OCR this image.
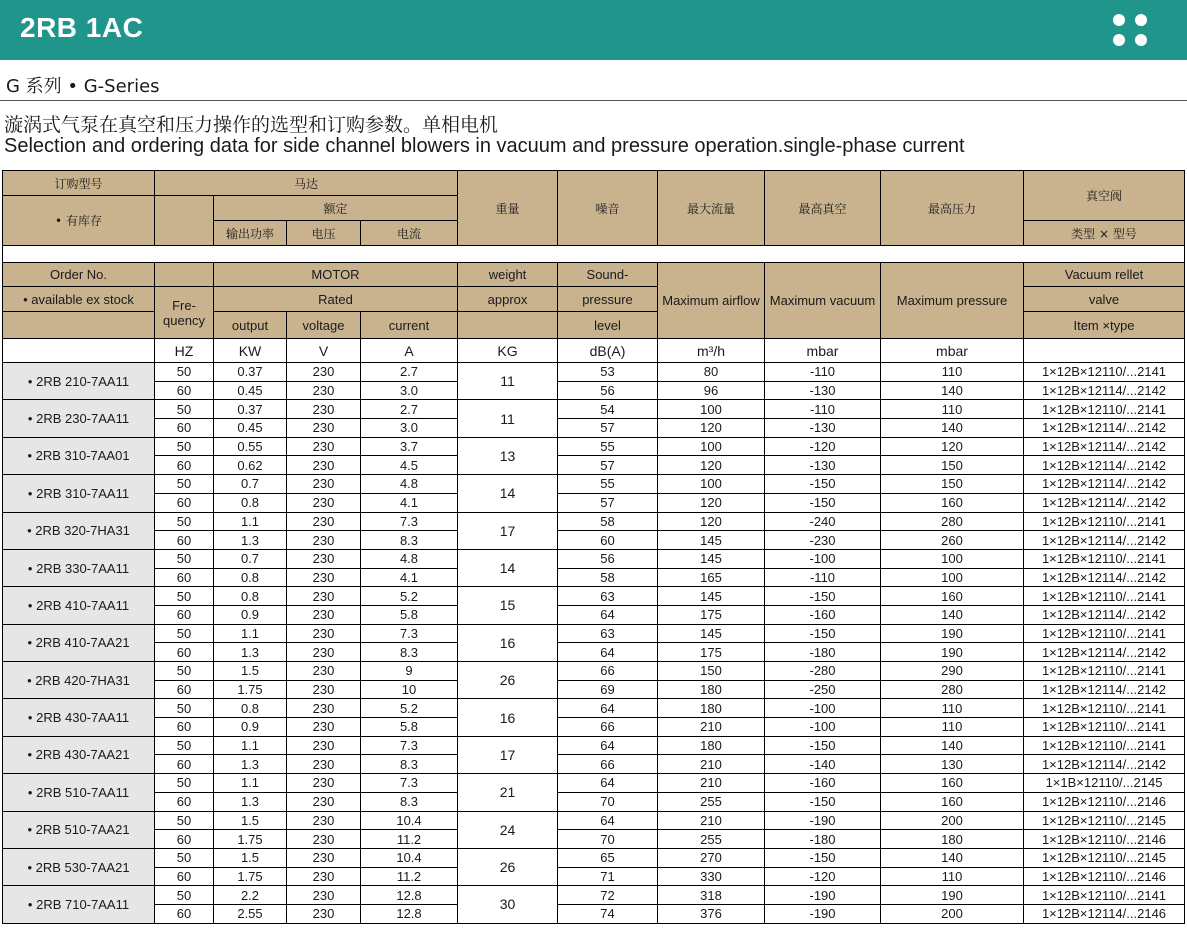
2RB 1AC
G 系列 • G-Series
漩涡式气泵在真空和压力操作的选型和订购参数。单相电机
Selection and ordering data for side channel blowers in vacuum and pressure operation.single-phase current
订购型号	马达				重量	噪音	最大流量	最高真空	最高压力	真空阀
• 有库存		额定								
		输出功率	电压	电流						类型 × 型号

Order No.		MOTOR			weight	Sound-	Maximum airflow	Maximum vacuum	Maximum pressure	Vacuum rellet
• available ex stock	Fre- quency	Rated			approx	pressure				valve
		output	voltage	current		level				Item ×type
	HZ	KW	V	A	KG	dB(A)	m³/h	mbar	mbar	
• 2RB 210-7AA11	50	0.37	230	2.7	11	53	80	-110	110	1×12B×12110/...2141
	60	0.45	230	3.0		56	96	-130	140	1×12B×12114/...2142
• 2RB 230-7AA11	50	0.37	230	2.7	11	54	100	-110	110	1×12B×12110/...2141
	60	0.45	230	3.0		57	120	-130	140	1×12B×12114/...2142
• 2RB 310-7AA01	50	0.55	230	3.7	13	55	100	-120	120	1×12B×12114/...2142
	60	0.62	230	4.5		57	120	-130	150	1×12B×12114/...2142
• 2RB 310-7AA11	50	0.7	230	4.8	14	55	100	-150	150	1×12B×12114/...2142
	60	0.8	230	4.1		57	120	-150	160	1×12B×12114/...2142
• 2RB 320-7HA31	50	1.1	230	7.3	17	58	120	-240	280	1×12B×12110/...2141
	60	1.3	230	8.3		60	145	-230	260	1×12B×12114/...2142
• 2RB 330-7AA11	50	0.7	230	4.8	14	56	145	-100	100	1×12B×12110/...2141
	60	0.8	230	4.1		58	165	-110	100	1×12B×12114/...2142
• 2RB 410-7AA11	50	0.8	230	5.2	15	63	145	-150	160	1×12B×12110/...2141
	60	0.9	230	5.8		64	175	-160	140	1×12B×12114/...2142
• 2RB 410-7AA21	50	1.1	230	7.3	16	63	145	-150	190	1×12B×12110/...2141
	60	1.3	230	8.3		64	175	-180	190	1×12B×12114/...2142
• 2RB 420-7HA31	50	1.5	230	9	26	66	150	-280	290	1×12B×12110/...2141
	60	1.75	230	10		69	180	-250	280	1×12B×12114/...2142
• 2RB 430-7AA11	50	0.8	230	5.2	16	64	180	-100	110	1×12B×12110/...2141
	60	0.9	230	5.8		66	210	-100	110	1×12B×12110/...2141
• 2RB 430-7AA21	50	1.1	230	7.3	17	64	180	-150	140	1×12B×12110/...2141
	60	1.3	230	8.3		66	210	-140	130	1×12B×12114/...2142
• 2RB 510-7AA11	50	1.1	230	7.3	21	64	210	-160	160	1×1B×12110/...2145
	60	1.3	230	8.3		70	255	-150	160	1×12B×12110/...2146
• 2RB 510-7AA21	50	1.5	230	10.4	24	64	210	-190	200	1×12B×12110/...2145
	60	1.75	230	11.2		70	255	-180	180	1×12B×12110/...2146
• 2RB 530-7AA21	50	1.5	230	10.4	26	65	270	-150	140	1×12B×12110/...2145
	60	1.75	230	11.2		71	330	-120	110	1×12B×12110/...2146
• 2RB 710-7AA11	50	2.2	230	12.8	30	72	318	-190	190	1×12B×12110/...2141
	60	2.55	230	12.8		74	376	-190	200	1×12B×12114/...2146
